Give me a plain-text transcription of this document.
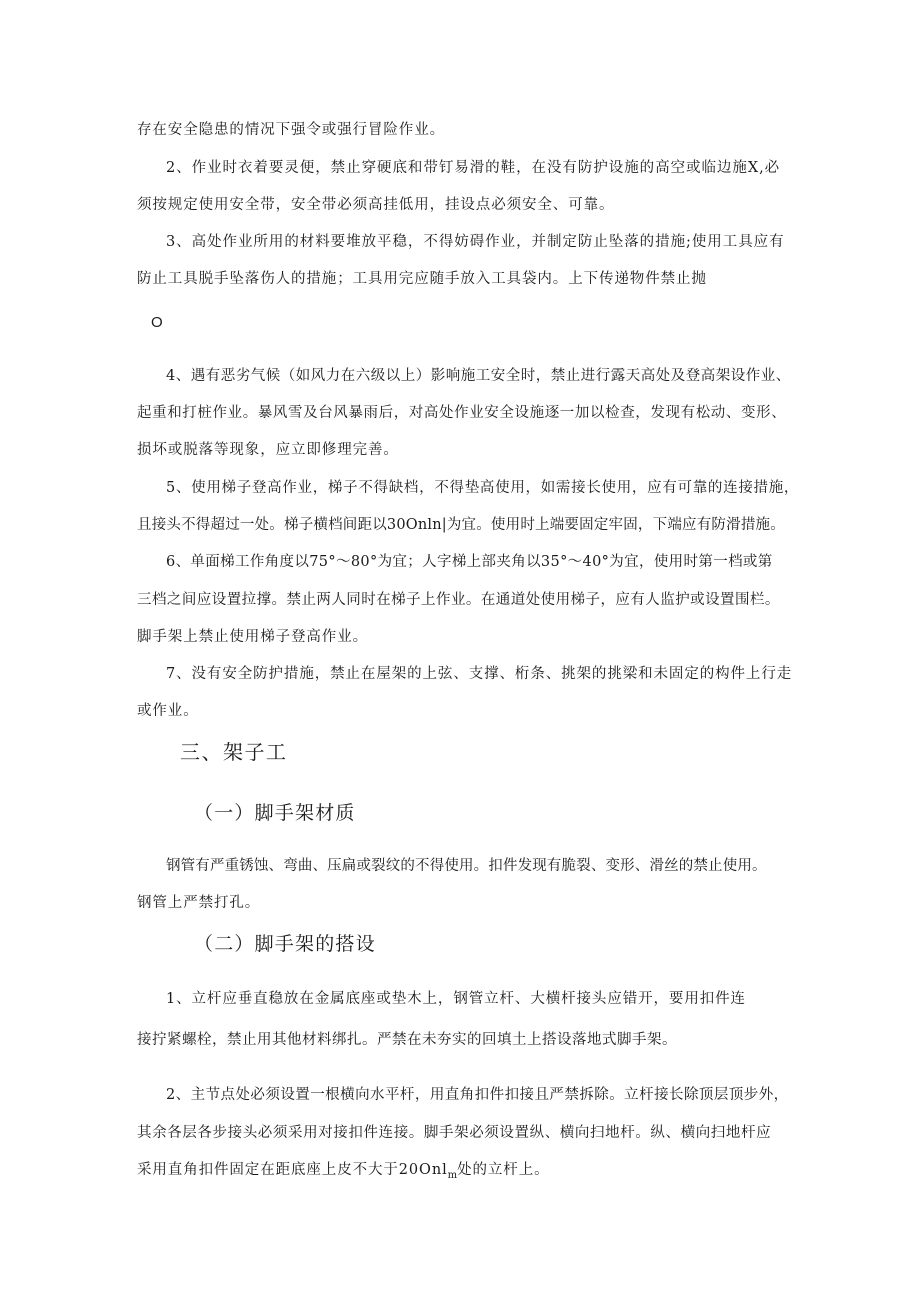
存在安全隐患的情况下强令或强行冒险作业。
2、作业时衣着要灵便，禁止穿硬底和带钉易滑的鞋，在没有防护设施的高空或临边施X,必
须按规定使用安全带，安全带必须高挂低用，挂设点必须安全、可靠。
3、高处作业所用的材料要堆放平稳，不得妨碍作业，并制定防止坠落的措施;使用工具应有
防止工具脱手坠落伤人的措施；工具用完应随手放入工具袋内。上下传递物件禁止抛
O
4、遇有恶劣气候（如风力在六级以上）影响施工安全时，禁止进行露天高处及登高架设作业、
起重和打桩作业。暴风雪及台风暴雨后，对高处作业安全设施逐一加以检查，发现有松动、变形、
损坏或脱落等现象，应立即修理完善。
5、使用梯子登高作业，梯子不得缺档，不得垫高使用，如需接长使用，应有可靠的连接措施，
且接头不得超过一处。梯子横档间距以30Onln|为宜。使用时上端要固定牢固，下端应有防滑措施。
6、单面梯工作角度以75°～80°为宜；人字梯上部夹角以35°～40°为宜，使用时第一档或第
三档之间应设置拉撑。禁止两人同时在梯子上作业。在通道处使用梯子，应有人监护或设置围栏。
脚手架上禁止使用梯子登高作业。
7、没有安全防护措施，禁止在屋架的上弦、支撑、桁条、挑架的挑梁和未固定的构件上行走
或作业。
三、架子工
（一）脚手架材质
钢管有严重锈蚀、弯曲、压扁或裂纹的不得使用。扣件发现有脆裂、变形、滑丝的禁止使用。
钢管上严禁打孔。
（二）脚手架的搭设
1、立杆应垂直稳放在金属底座或垫木上，钢管立杆、大横杆接头应错开，要用扣件连
接拧紧螺栓，禁止用其他材料绑扎。严禁在未夯实的回填土上搭设落地式脚手架。
2、主节点处必须设置一根横向水平杆，用直角扣件扣接且严禁拆除。立杆接长除顶层顶步外，
其余各层各步接头必须采用对接扣件连接。脚手架必须设置纵、横向扫地杆。纵、横向扫地杆应
采用直角扣件固定在距底座上皮不大于20Onl$_m$处的立杆上。
